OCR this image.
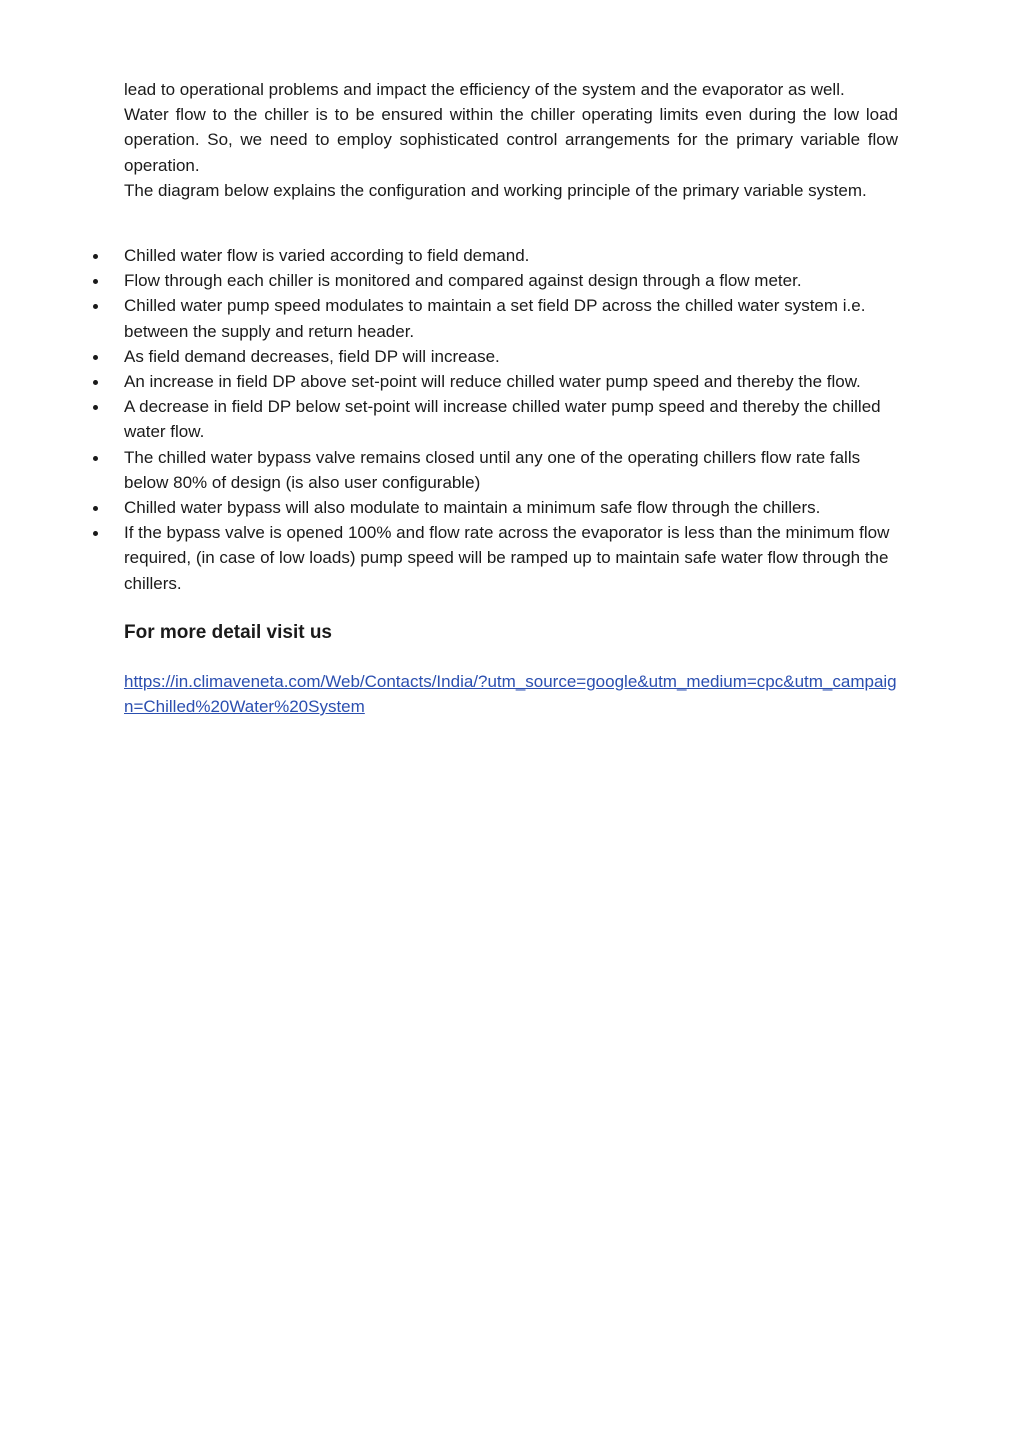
lead to operational problems and impact the efficiency of the system and the evaporator as well.

Water flow to the chiller is to be ensured within the chiller operating limits even during the low load operation. So, we need to employ sophisticated control arrangements for the primary variable flow operation.

The diagram below explains the configuration and working principle of the primary variable system.

Chilled water flow is varied according to field demand.
Flow through each chiller is monitored and compared against design through a flow meter.
Chilled water pump speed modulates to maintain a set field DP across the chilled water system i.e. between the supply and return header.
As field demand decreases, field DP will increase.
An increase in field DP above set-point will reduce chilled water pump speed and thereby the flow.
A decrease in field DP below set-point will increase chilled water pump speed and thereby the chilled water flow.
The chilled water bypass valve remains closed until any one of the operating chillers flow rate falls below 80% of design (is also user configurable)
Chilled water bypass will also modulate to maintain a minimum safe flow through the chillers.
If the bypass valve is opened 100% and flow rate across the evaporator is less than the minimum flow required, (in case of low loads) pump speed will be ramped up to maintain safe water flow through the chillers.
For more detail visit us
https://in.climaveneta.com/Web/Contacts/India/?utm_source=google&utm_medium=cpc&utm_campaign=Chilled%20Water%20System
